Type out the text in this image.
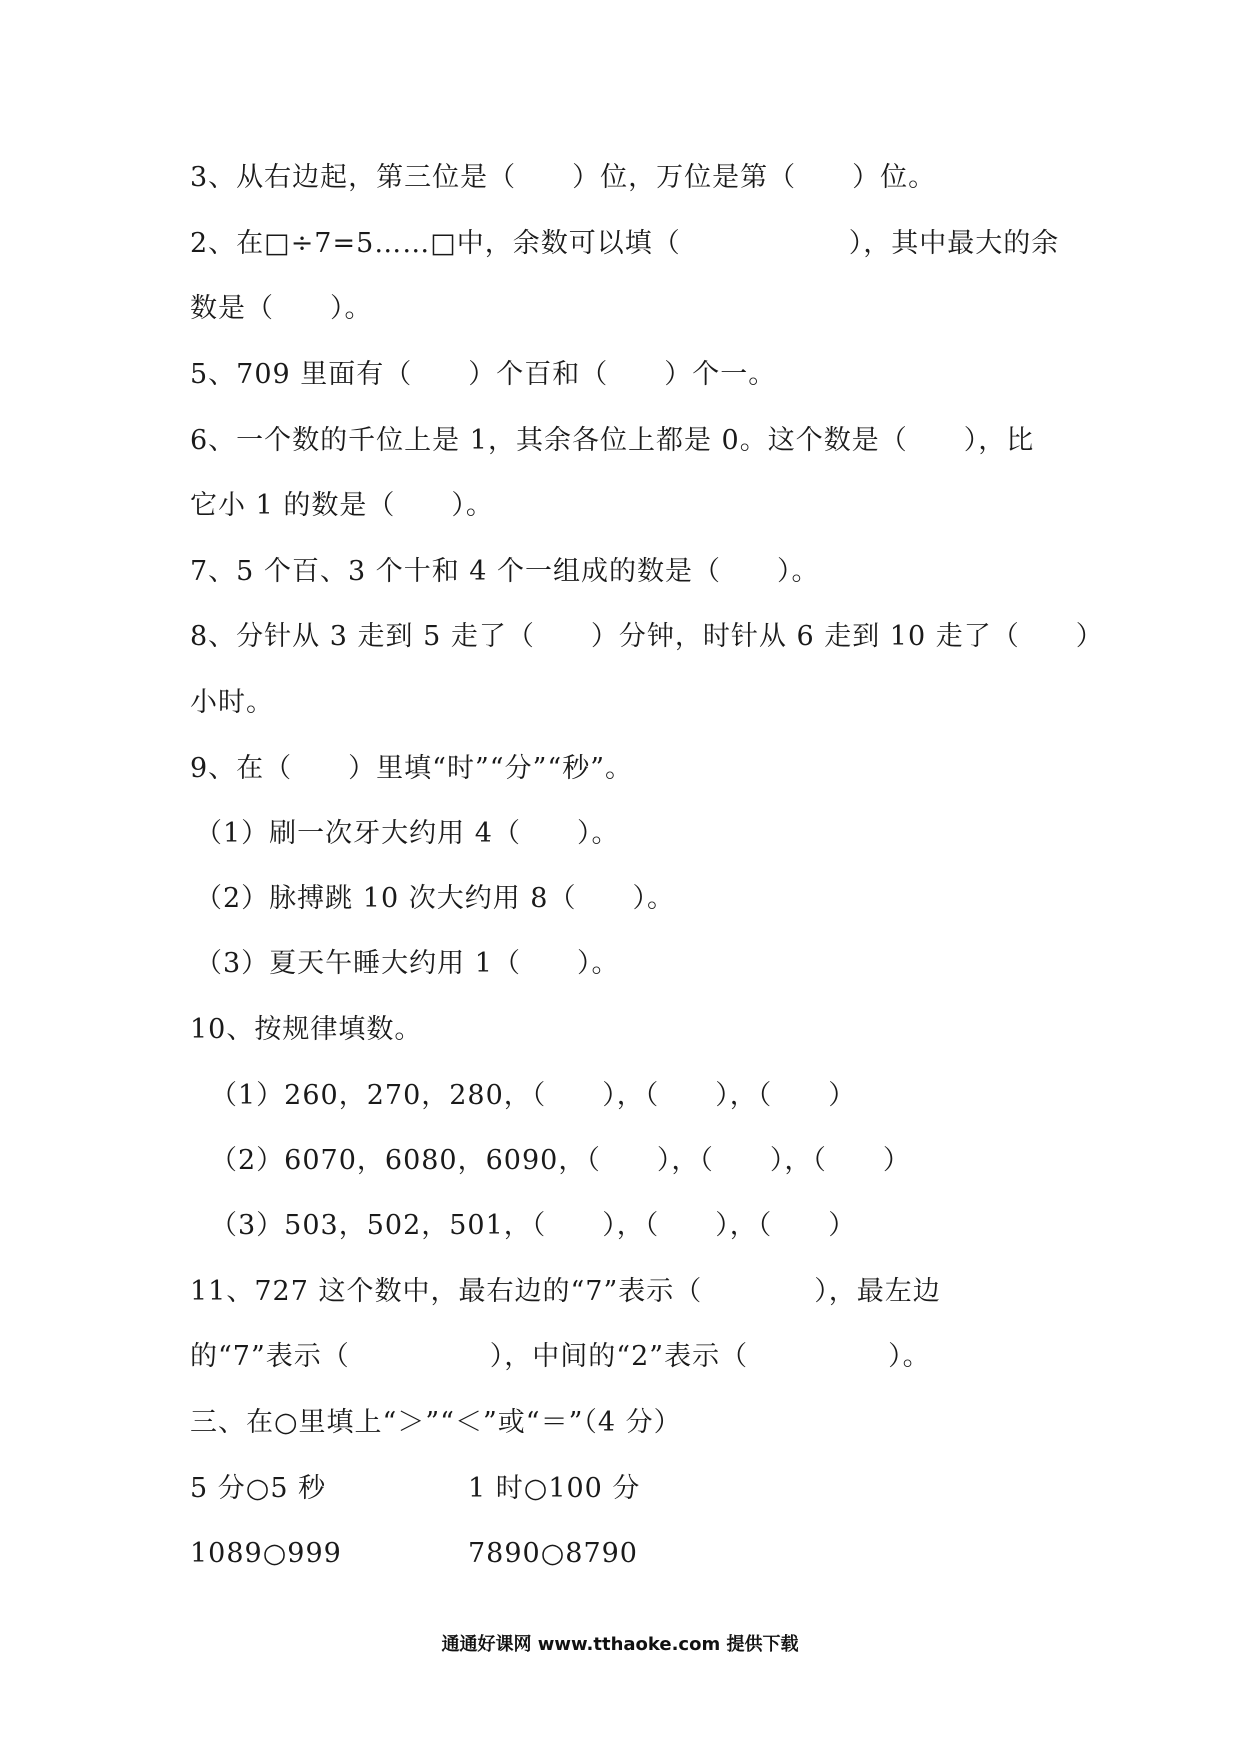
3、从右边起，第三位是（　　）位，万位是第（　　）位。
2、在□÷7=5……□中，余数可以填（　　　　　　），其中最大的余
数是（　　）。
5、709 里面有（　　）个百和（　　）个一。
6、一个数的千位上是 1，其余各位上都是 0。这个数是（　　），比
它小 1 的数是（　　）。
7、5 个百、3 个十和 4 个一组成的数是（　　）。
8、分针从 3 走到 5 走了（　　）分钟，时针从 6 走到 10 走了（　　）
小时。
9、在（　　）里填“时”“分”“秒”。
（1）刷一次牙大约用 4（　　）。
（2）脉搏跳 10 次大约用 8（　　）。
（3）夏天午睡大约用 1（　　）。
10、按规律填数。
（1）260，270，280，（　　），（　　），（　　）
（2）6070，6080，6090，（　　），（　　），（　　）
（3）503，502，501，（　　），（　　），（　　）
11、727 这个数中，最右边的“7”表示（　　　　），最左边
的“7”表示（　　　　　），中间的“2”表示（　　　　　）。
三、在○里填上“＞”“＜”或“＝”（4 分）
5 分○5 秒	1 时○100 分
1089○999	7890○8790
通通好课网 www.tthaoke.com 提供下载
